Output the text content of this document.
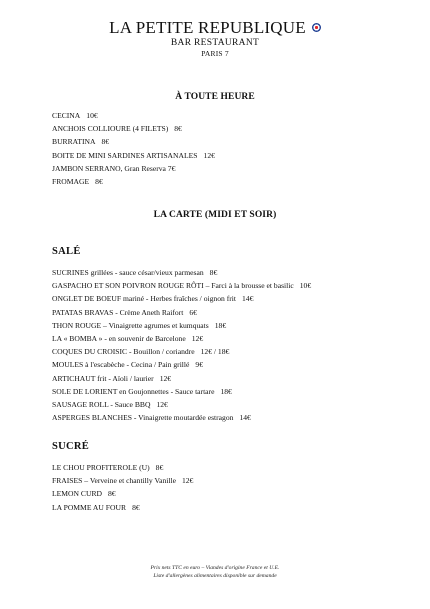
LA PETITE REPUBLIQUE
BAR RESTAURANT
PARIS 7
À TOUTE HEURE
CECINA 10€
ANCHOIS COLLIOURE (4 FILETS) 8€
BURRATINA 8€
BOITE DE MINI SARDINES ARTISANALES 12€
JAMBON SERRANO, Gran Reserva 7€
FROMAGE 8€
LA CARTE (MIDI ET SOIR)
SALÉ
SUCRINES grillées - sauce césar/vieux parmesan 8€
GASPACHO ET SON POIVRON ROUGE RÔTI – Farci à la brousse et basilic 10€
ONGLET DE BOEUF mariné - Herbes fraîches / oignon frit 14€
PATATAS BRAVAS - Crème Aneth Raifort 6€
THON ROUGE – Vinaigrette agrumes et kumquats 18€
LA « BOMBA » - en souvenir de Barcelone 12€
COQUES DU CROISIC - Bouillon / coriandre 12€ / 18€
MOULES à l'escabèche - Cecina / Pain grillé 9€
ARTICHAUT frit - Aïoli / laurier 12€
SOLE DE LORIENT en Goujonnettes - Sauce tartare 18€
SAUSAGE ROLL - Sauce BBQ 12€
ASPERGES BLANCHES - Vinaigrette moutardée estragon 14€
SUCRÉ
LE CHOU PROFITEROLE (U) 8€
FRAISES – Verveine et chantilly Vanille 12€
LEMON CURD 8€
LA POMME AU FOUR 8€
Prix nets TTC en euro – Viandes d'origine France et U.E.
Liste d'allergènes alimentaires disponible sur demande
